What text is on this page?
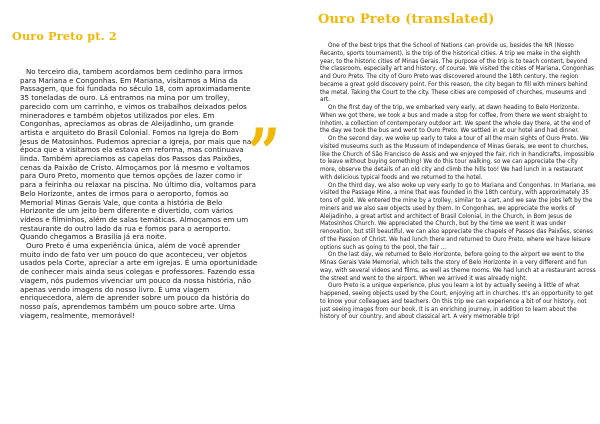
Ouro Preto pt. 2

No terceiro dia, tambem acordamos bem cedinho para irmos para Mariana e Congonhas. Em Mariana, visitamos a Mina da Passagem, que foi fundada no século 18, com aproximadamente 35 toneladas de ouro. Lá entramos na mina por um trolley, parecido com um carrinho, e vimos os trabalhos deixados pelos mineradores e também objetos utilizados por eles. Em Congonhas, apreciamos as obras de Aleijadinho, um grande artista e arquiteto do Brasil Colonial. Fomos na Igreja do Bom Jesus de Matosinhos. Pudemos apreciar a igreja, por mais que na época que a visitamos ela estava em reforma, mas continuava linda. Também apreciamos as capelas dos Passos das Paixões, cenas da Paixão de Cristo. Almoçamos por lá mesmo e voltamos para Ouro Preto, momento que temos opções de lazer como ir para a feirinha ou relaxar na piscina. No último dia, voltamos para Belo Horizonte, antes de irmos para o aeroporto, fomos ao Memorial Minas Gerais Vale, que conta a história de Belo Horizonte de um jeito bem diferente e divertido, com vários vídeos e filminhos, além de salas temáticas. Almoçamos em um restaurante do outro lado da rua e fomos para o aeroporto. Quando chegamos a Brasília já era noite.

Ouro Preto é uma experiência única, além de você aprender muito indo de fato ver um pouco do que aconteceu, ver objetos usados pela Corte, apreciar a arte em igrejas. É uma oportunidade de conhecer mais ainda seus colegas e professores. Fazendo essa viagem, nós pudemos vivenciar um pouco da nossa história, não apenas vendo imagens do nosso livro. É uma viagem enriquecedora, além de aprender sobre um pouco da história do nosso país, aprendemos também um pouco sobre arte. Uma viagem, realmente, memorável!

”
Ouro Preto (translated)

One of the best trips that the School of Nations can provide us, besides the NR (Nosso Recanto, sports tournament), is the trip of the historical cities. A trip we make in the eighth year, to the historic cities of Minas Gerais. The purpose of the trip is to teach content, beyond the classroom, especially art and history, of course. We visited the cities of Mariana, Congonhas and Ouro Preto. The city of Ouro Preto was discovered around the 18th century, the region became a great gold discovery point. For this reason, the city began to fill with miners behind the metal. Taking the Court to the city. These cities are composed of churches, museums and art.

On the first day of the trip, we embarked very early, at dawn heading to Belo Horizonte. When we got there, we took a bus and made a stop for coffee, from there we went straight to Inhotim, a collection of contemporary outdoor art. We spent the whole day there, at the end of the day we took the bus and went to Ouro Preto. We settled in at our hotel and had dinner.

On the second day, we woke up early to take a tour of all the main sights of Ouro Preto. We visited museums such as the Museum of Independence of Minas Gerais, we went to churches, like the Church of São Francisco de Assis and we enjoyed the fair, rich in handicrafts, impossible to leave without buying something! We do this tour walking, so we can appreciate the city more, observe the details of an old city and climb the hills too! We had lunch in a restaurant with delicious typical foods and we returned to the hotel.

On the third day, we also woke up very early to go to Mariana and Congonhas. In Mariana, we visited the Passage Mine, a mine that was founded in the 18th century, with approximately 35 tons of gold. We entered the mine by a trolley, similar to a cart, and we saw the jobs left by the miners and we also saw objects used by them. In Congonhas, we appreciate the works of Aleijadinho, a great artist and architect of Brasil Colonial, in the Church, in Bom Jesus de Matosinhos Church. We appreciated the Church, but by the time we went it was under renovation, but still beautiful, we can also appreciate the chapels of Passos das Paixões, scenes of the Passion of Christ. We had lunch there and returned to Ouro Preto, where we have leisure options such as going to the pool, the fair ...

On the last day, we returned to Belo Horizonte, before going to the airport we went to the Minas Gerais Vale Memorial, which tells the story of Belo Horizonte in a very different and fun way, with several videos and films, as well as theme rooms. We had lunch at a restaurant across the street and went to the airport. When we arrived it was already night.

Ouro Preto is a unique experience, plus you learn a lot by actually seeing a little of what happened, seeing objects used by the Court, enjoying art in churches. It's an opportunity to get to know your colleagues and teachers. On this trip we can experience a bit of our history, not just seeing images from our book. It is an enriching journey, in addition to learn about the history of our country, and about classical art. A very memorable trip!
